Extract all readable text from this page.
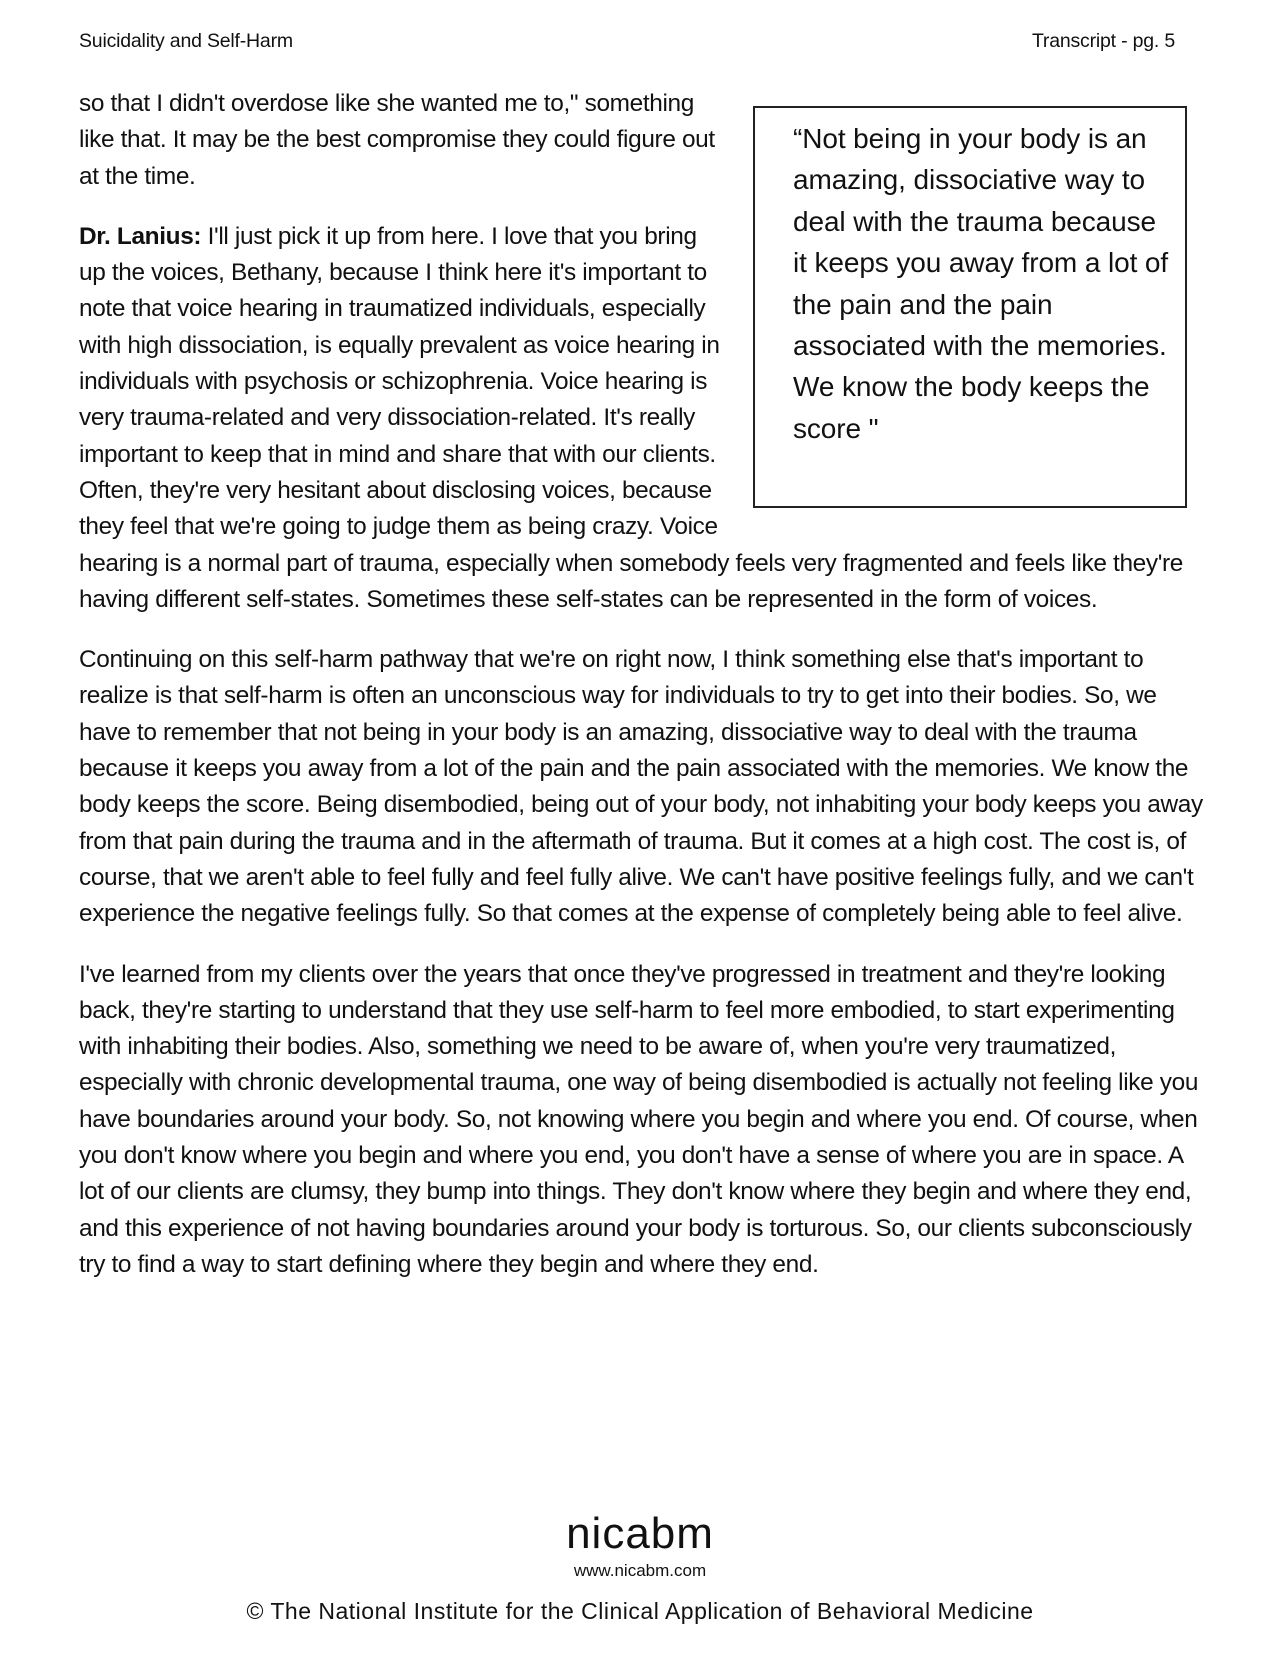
Suicidality and Self-Harm	Transcript - pg. 5
“Not being in your body is an amazing, dissociative way to deal with the trauma because it keeps you away from a lot of the pain and the pain associated with the memories. We know the body keeps the score "

so that I didn't overdose like she wanted me to," something like that. It may be the best compromise they could figure out at the time.

Dr. Lanius: I'll just pick it up from here. I love that you bring up the voices, Bethany, because I think here it's important to note that voice hearing in traumatized individuals, especially with high dissociation, is equally prevalent as voice hearing in individuals with psychosis or schizophrenia. Voice hearing is very trauma-related and very dissociation-related. It's really important to keep that in mind and share that with our clients. Often, they're very hesitant about disclosing voices, because they feel that we're going to judge them as being crazy. Voice hearing is a normal part of trauma, especially when somebody feels very fragmented and feels like they're having different self-states. Sometimes these self-states can be represented in the form of voices.

Continuing on this self-harm pathway that we're on right now, I think something else that's important to realize is that self-harm is often an unconscious way for individuals to try to get into their bodies. So, we have to remember that not being in your body is an amazing, dissociative way to deal with the trauma because it keeps you away from a lot of the pain and the pain associated with the memories. We know the body keeps the score. Being disembodied, being out of your body, not inhabiting your body keeps you away from that pain during the trauma and in the aftermath of trauma. But it comes at a high cost. The cost is, of course, that we aren't able to feel fully and feel fully alive. We can't have positive feelings fully, and we can't experience the negative feelings fully. So that comes at the expense of completely being able to feel alive.

I've learned from my clients over the years that once they've progressed in treatment and they're looking back, they're starting to understand that they use self-harm to feel more embodied, to start experimenting with inhabiting their bodies. Also, something we need to be aware of, when you're very traumatized, especially with chronic developmental trauma, one way of being disembodied is actually not feeling like you have boundaries around your body. So, not knowing where you begin and where you end. Of course, when you don't know where you begin and where you end, you don't have a sense of where you are in space. A lot of our clients are clumsy, they bump into things. They don't know where they begin and where they end, and this experience of not having boundaries around your body is torturous. So, our clients subconsciously try to find a way to start defining where they begin and where they end.

nicabm
www.nicabm.com
© The National Institute for the Clinical Application of Behavioral Medicine
